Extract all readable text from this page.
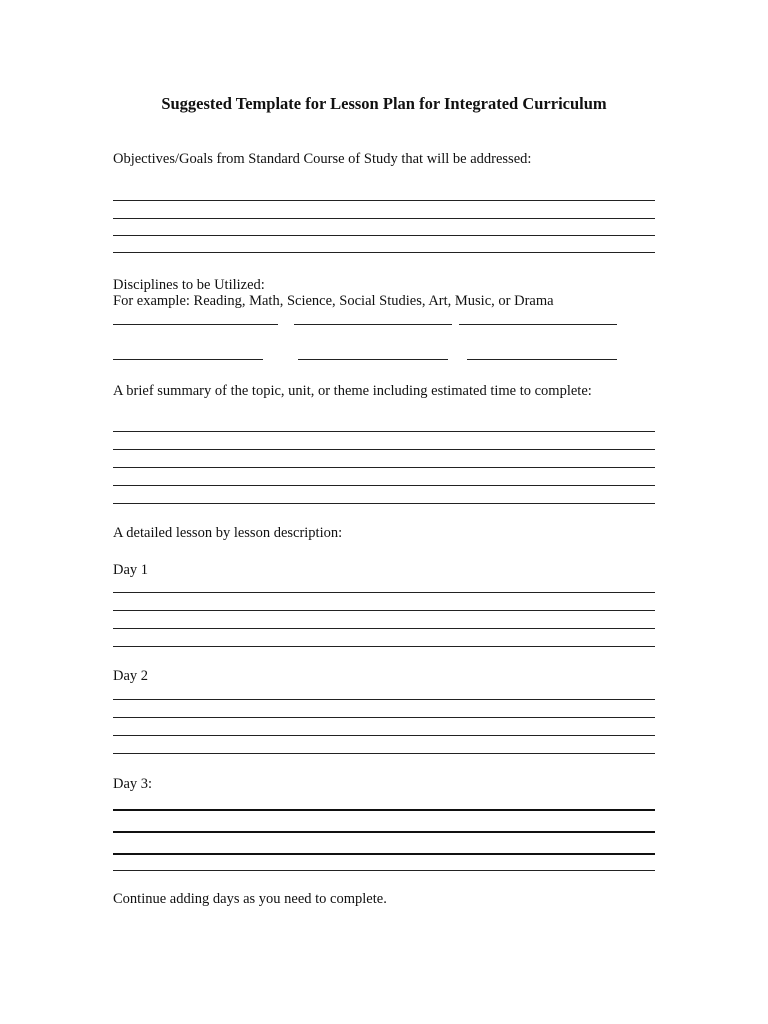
Suggested Template for Lesson Plan for Integrated Curriculum
Objectives/Goals from Standard Course of Study that will be addressed:
Disciplines to be Utilized:
For example: Reading, Math, Science, Social Studies, Art, Music, or Drama
A brief summary of the topic, unit, or theme including estimated time to complete:
A detailed lesson by lesson description:
Day 1
Day 2
Day 3:
Continue adding days as you need to complete.
